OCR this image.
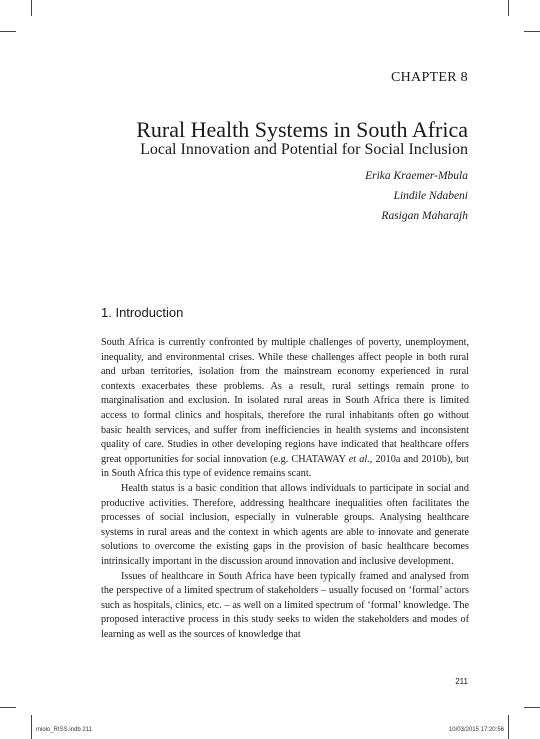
CHAPTER 8
Rural Health Systems in South Africa
Local Innovation and Potential for Social Inclusion
Erika Kraemer-Mbula
Lindile Ndabeni
Rasigan Maharajh
1. Introduction

South Africa is currently confronted by multiple challenges of poverty, unemployment, inequality, and environmental crises. While these challenges affect people in both rural and urban territories, isolation from the mainstream economy experienced in rural contexts exacerbates these problems. As a result, rural settings remain prone to marginalisation and exclusion. In isolated rural areas in South Africa there is limited access to formal clinics and hospitals, therefore the rural inhabitants often go without basic health services, and suffer from inefficiencies in health systems and inconsistent quality of care. Studies in other developing regions have indicated that healthcare offers great opportunities for social innovation (e.g. CHATAWAY et al., 2010a and 2010b), but in South Africa this type of evidence remains scant.

Health status is a basic condition that allows individuals to participate in social and productive activities. Therefore, addressing healthcare inequalities often facilitates the processes of social inclusion, especially in vulnerable groups. Analysing healthcare systems in rural areas and the context in which agents are able to innovate and generate solutions to overcome the existing gaps in the provision of basic healthcare becomes intrinsically important in the discussion around innovation and inclusive development.

Issues of healthcare in South Africa have been typically framed and analysed from the perspective of a limited spectrum of stakeholders – usually focused on ‘formal’ actors such as hospitals, clinics, etc. – as well on a limited spectrum of ‘formal’ knowledge. The proposed interactive process in this study seeks to widen the stakeholders and modes of learning as well as the sources of knowledge that

211
miolo_RISS.indb 211	10/03/2015 17:20:56
